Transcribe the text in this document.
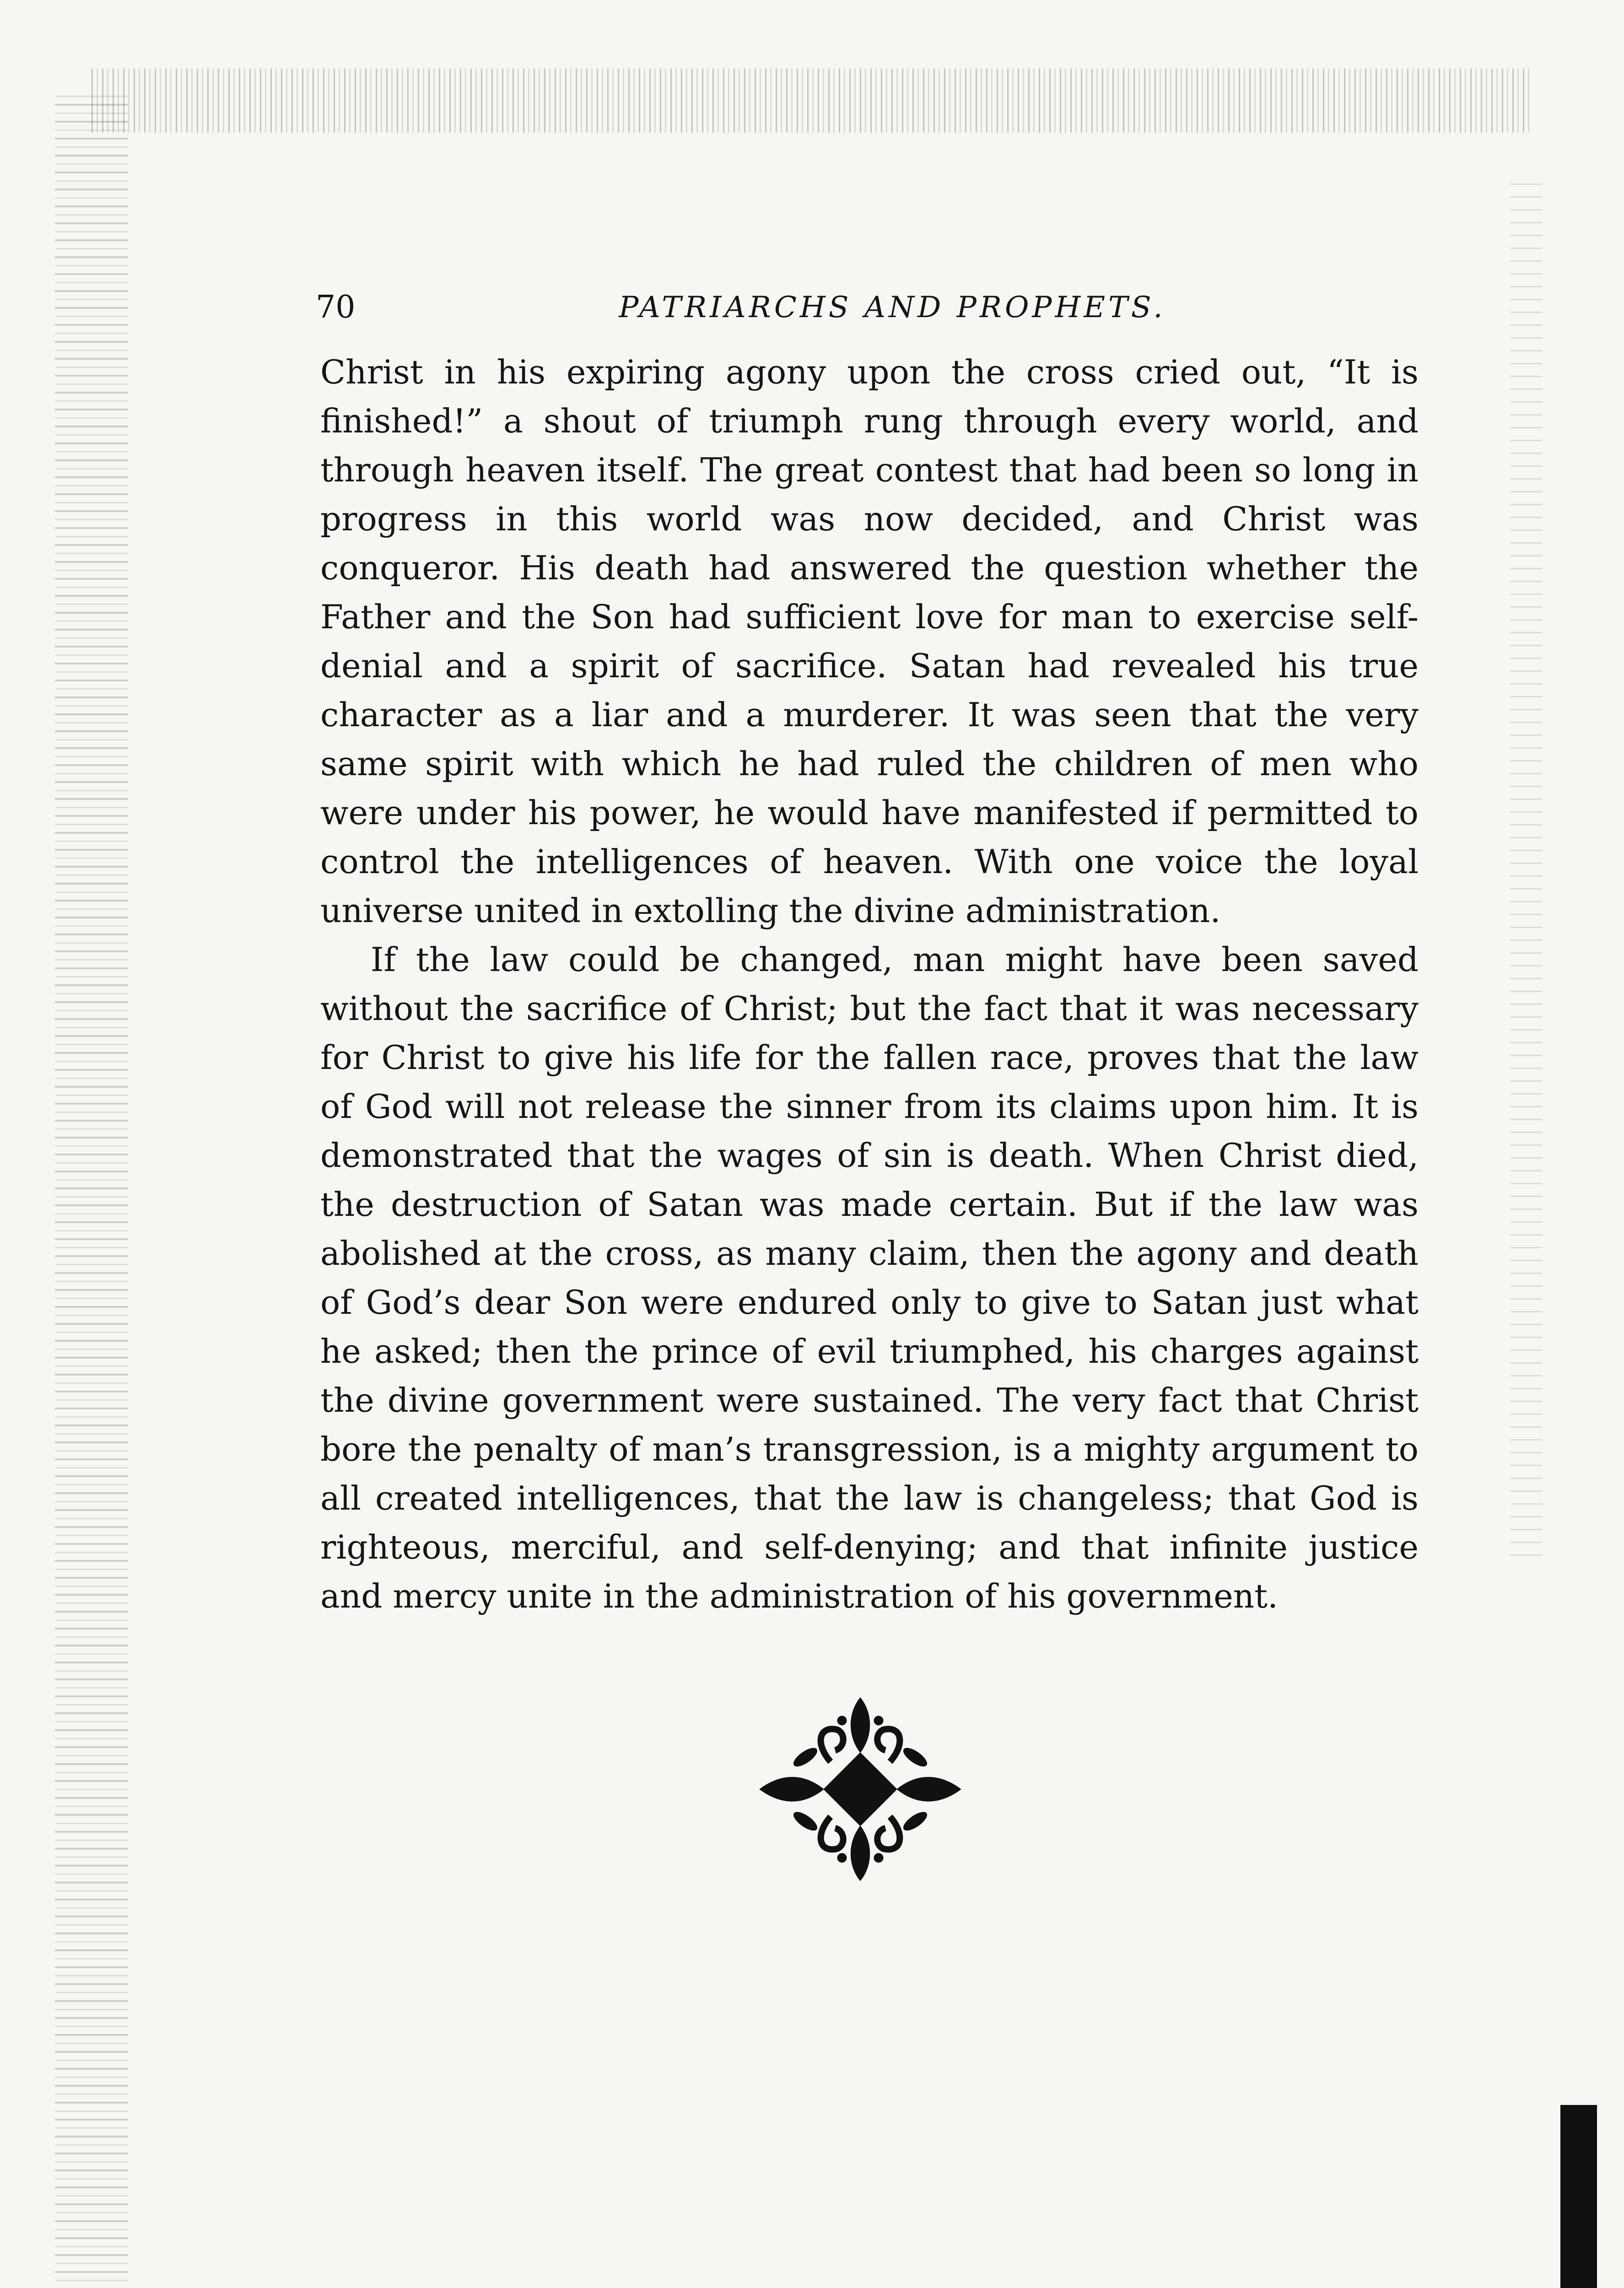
70	PATRIARCHS AND PROPHETS.

Christ in his expiring agony upon the cross cried out, “It is finished!” a shout of triumph rung through every world, and through heaven itself. The great contest that had been so long in progress in this world was now decided, and Christ was conqueror. His death had answered the question whether the Father and the Son had sufficient love for man to exercise self-denial and a spirit of sacrifice. Satan had revealed his true character as a liar and a murderer. It was seen that the very same spirit with which he had ruled the children of men who were under his power, he would have manifested if permitted to control the intelligences of heaven. With one voice the loyal universe united in extolling the divine administration.

If the law could be changed, man might have been saved without the sacrifice of Christ; but the fact that it was necessary for Christ to give his life for the fallen race, proves that the law of God will not release the sinner from its claims upon him. It is demonstrated that the wages of sin is death. When Christ died, the destruction of Satan was made certain. But if the law was abolished at the cross, as many claim, then the agony and death of God’s dear Son were endured only to give to Satan just what he asked; then the prince of evil triumphed, his charges against the divine government were sustained. The very fact that Christ bore the penalty of man’s transgression, is a mighty argument to all created intelligences, that the law is changeless; that God is righteous, merciful, and self-denying; and that infinite justice and mercy unite in the administration of his government.
